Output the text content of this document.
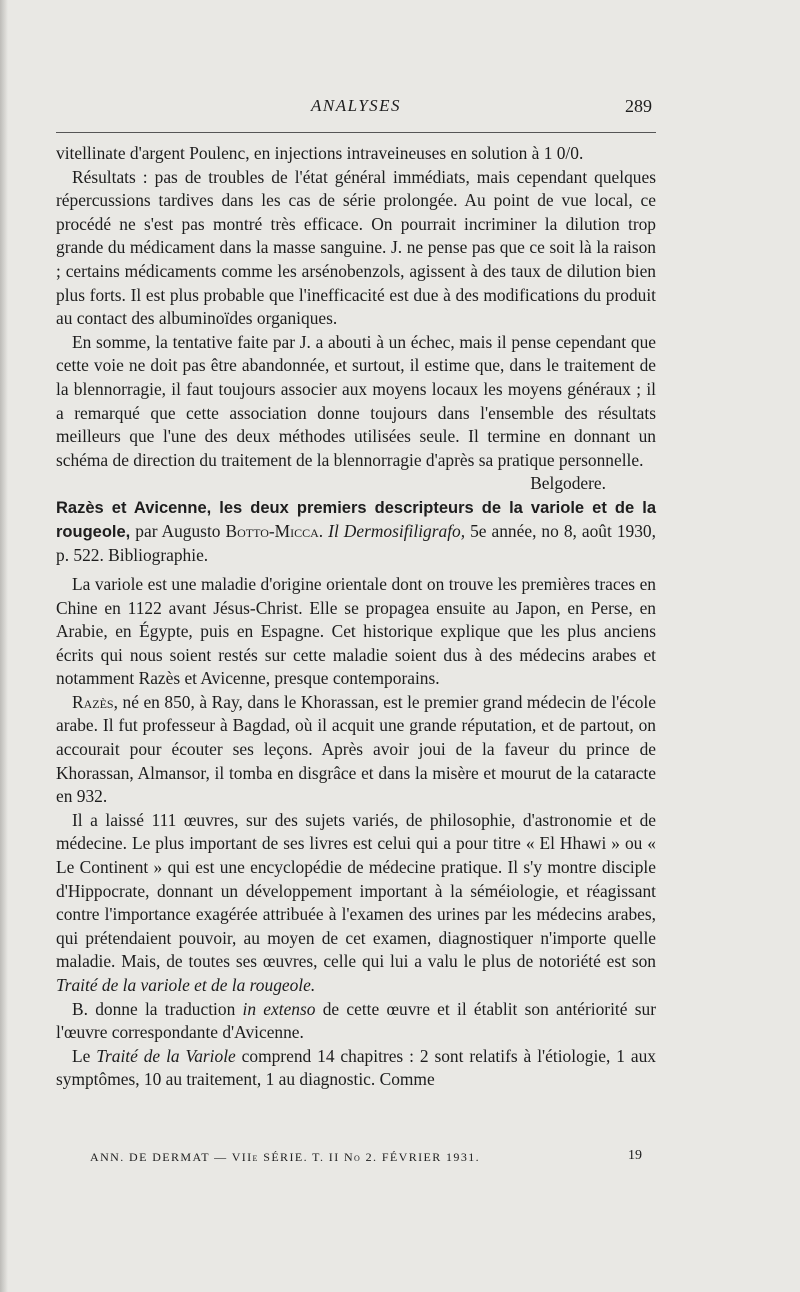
ANALYSES	289

vitellinate d'argent Poulenc, en injections intraveineuses en solution à 1 0/0.

Résultats : pas de troubles de l'état général immédiats, mais cependant quelques répercussions tardives dans les cas de série prolongée. Au point de vue local, ce procédé ne s'est pas montré très efficace. On pourrait incriminer la dilution trop grande du médicament dans la masse sanguine. J. ne pense pas que ce soit là la raison ; certains médicaments comme les arsénobenzols, agissent à des taux de dilution bien plus forts. Il est plus probable que l'inefficacité est due à des modifications du produit au contact des albuminoïdes organiques.

En somme, la tentative faite par J. a abouti à un échec, mais il pense cependant que cette voie ne doit pas être abandonnée, et surtout, il estime que, dans le traitement de la blennorragie, il faut toujours associer aux moyens locaux les moyens généraux ; il a remarqué que cette association donne toujours dans l'ensemble des résultats meilleurs que l'une des deux méthodes utilisées seule. Il termine en donnant un schéma de direction du traitement de la blennorragie d'après sa pratique personnelle.
Belgodere.

Razès et Avicenne, les deux premiers descripteurs de la variole et de la rougeole, par Augusto Botto-Micca. Il Dermosifiligrafo, 5e année, no 8, août 1930, p. 522. Bibliographie.

La variole est une maladie d'origine orientale dont on trouve les premières traces en Chine en 1122 avant Jésus-Christ. Elle se propagea ensuite au Japon, en Perse, en Arabie, en Égypte, puis en Espagne. Cet historique explique que les plus anciens écrits qui nous soient restés sur cette maladie soient dus à des médecins arabes et notamment Razès et Avicenne, presque contemporains.

Razès, né en 850, à Ray, dans le Khorassan, est le premier grand médecin de l'école arabe. Il fut professeur à Bagdad, où il acquit une grande réputation, et de partout, on accourait pour écouter ses leçons. Après avoir joui de la faveur du prince de Khorassan, Almansor, il tomba en disgrâce et dans la misère et mourut de la cataracte en 932.

Il a laissé 111 œuvres, sur des sujets variés, de philosophie, d'astronomie et de médecine. Le plus important de ses livres est celui qui a pour titre « El Hhawi » ou « Le Continent » qui est une encyclopédie de médecine pratique. Il s'y montre disciple d'Hippocrate, donnant un développement important à la séméiologie, et réagissant contre l'importance exagérée attribuée à l'examen des urines par les médecins arabes, qui prétendaient pouvoir, au moyen de cet examen, diagnostiquer n'importe quelle maladie. Mais, de toutes ses œuvres, celle qui lui a valu le plus de notoriété est son Traité de la variole et de la rougeole.

B. donne la traduction in extenso de cette œuvre et il établit son antériorité sur l'œuvre correspondante d'Avicenne.

Le Traité de la Variole comprend 14 chapitres : 2 sont relatifs à l'étiologie, 1 aux symptômes, 10 au traitement, 1 au diagnostic. Comme

ANN. DE DERMAT — VIIe SÉRIE. T. II No 2. FÉVRIER 1931.	19
